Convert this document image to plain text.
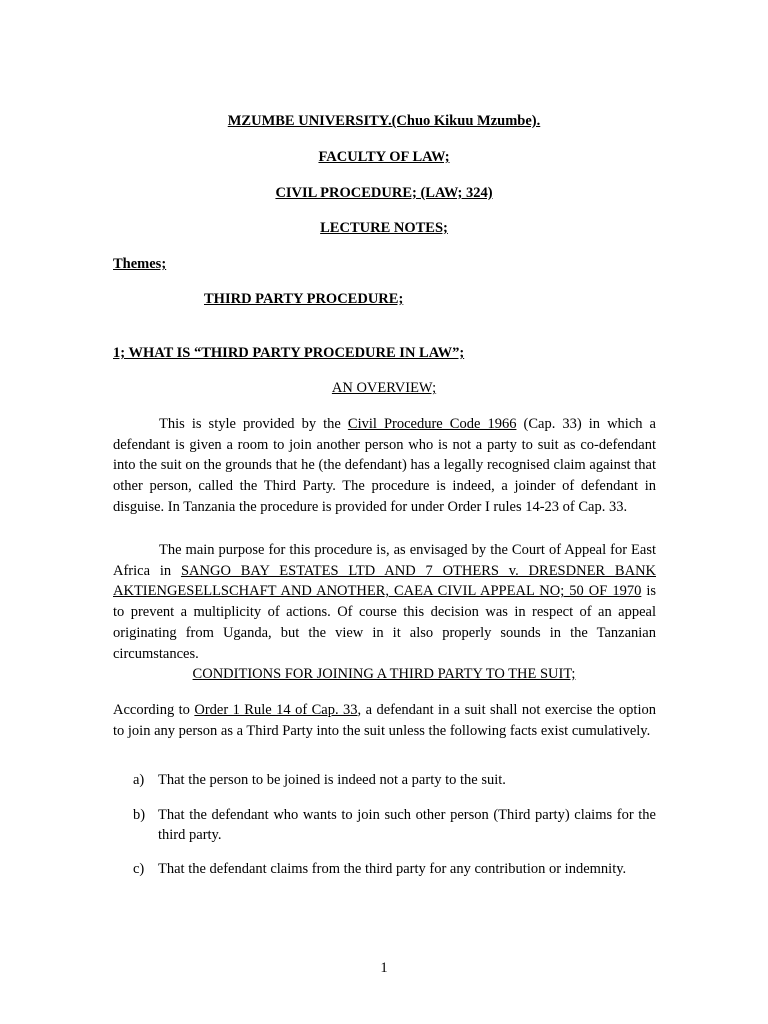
MZUMBE UNIVERSITY.(Chuo Kikuu Mzumbe).
FACULTY OF LAW;
CIVIL PROCEDURE; (LAW; 324)
LECTURE NOTES;
Themes;
THIRD PARTY PROCEDURE;
1; WHAT IS “THIRD PARTY PROCEDURE IN LAW”;
AN OVERVIEW;
This is style provided by the Civil Procedure Code 1966 (Cap. 33) in which a defendant is given a room to join another person who is not a party to suit as co-defendant into the suit on the grounds that he (the defendant) has a legally recognised claim against that other person, called the Third Party. The procedure is indeed, a joinder of defendant in disguise. In Tanzania the procedure is provided for under Order I rules 14-23 of Cap. 33.
The main purpose for this procedure is, as envisaged by the Court of Appeal for East Africa in SANGO BAY ESTATES LTD AND 7 OTHERS v. DRESDNER BANK AKTIENGESELLSCHAFT AND ANOTHER, CAEA CIVIL APPEAL NO; 50 OF 1970 is to prevent a multiplicity of actions. Of course this decision was in respect of an appeal originating from Uganda, but the view in it also properly sounds in the Tanzanian circumstances.
CONDITIONS FOR JOINING A THIRD PARTY TO THE SUIT;
According to Order 1 Rule 14 of Cap. 33, a defendant in a suit shall not exercise the option to join any person as a Third Party into the suit unless the following facts exist cumulatively.
a) That the person to be joined is indeed not a party to the suit.
b) That the defendant who wants to join such other person (Third party) claims for the third party.
c) That the defendant claims from the third party for any contribution or indemnity.
1
